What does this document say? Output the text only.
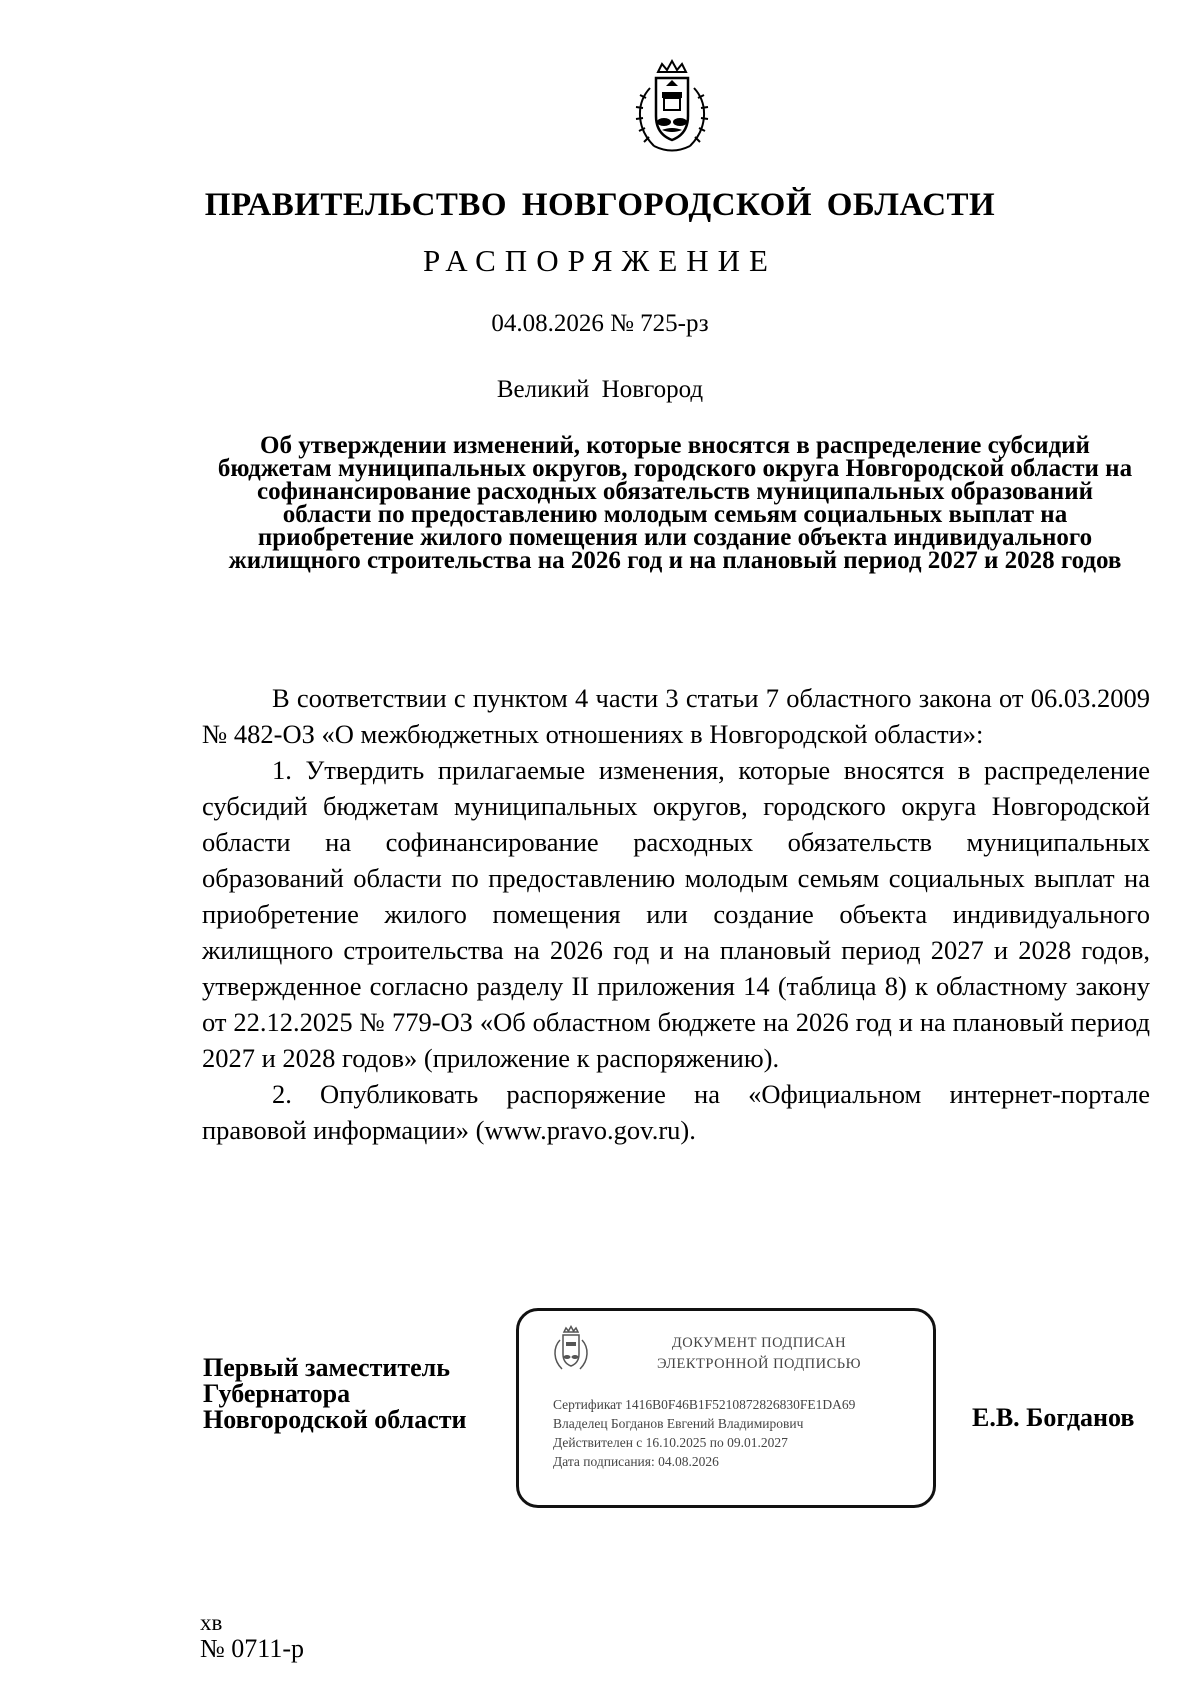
ПРАВИТЕЛЬСТВО НОВГОРОДСКОЙ ОБЛАСТИ
РАСПОРЯЖЕНИЕ
04.08.2026 № 725-рз
Великий Новгород
Об утверждении изменений, которые вносятся в распределение субсидий бюджетам муниципальных округов, городского округа Новгородской области на софинансирование расходных обязательств муниципальных образований области по предоставлению молодым семьям социальных выплат на приобретение жилого помещения или создание объекта индивидуального жилищного строительства на 2026 год и на плановый период 2027 и 2028 годов

В соответствии с пунктом 4 части 3 статьи 7 областного закона от 06.03.2009 № 482-ОЗ «О межбюджетных отношениях в Новгородской области»:

1. Утвердить прилагаемые изменения, которые вносятся в распределение субсидий бюджетам муниципальных округов, городского округа Новгородской области на софинансирование расходных обязательств муниципальных образований области по предоставлению молодым семьям социальных выплат на приобретение жилого помещения или создание объекта индивидуального жилищного строительства на 2026 год и на плановый период 2027 и 2028 годов, утвержденное согласно разделу II приложения 14 (таблица 8) к областному закону от 22.12.2025 № 779-ОЗ «Об областном бюджете на 2026 год и на плановый период 2027 и 2028 годов» (приложение к распоряжению).

2. Опубликовать распоряжение на «Официальном интернет-портале правовой информации» (www.pravo.gov.ru).

Первый заместитель
Губернатора
Новгородской области
ДОКУМЕНТ ПОДПИСАН
ЭЛЕКТРОННОЙ ПОДПИСЬЮ
Сертификат 1416B0F46B1F5210872826830FE1DA69
Владелец Богданов Евгений Владимирович
Действителен с 16.10.2025 по 09.01.2027
Дата подписания: 04.08.2026
Е.В. Богданов
хв
№ 0711-р
